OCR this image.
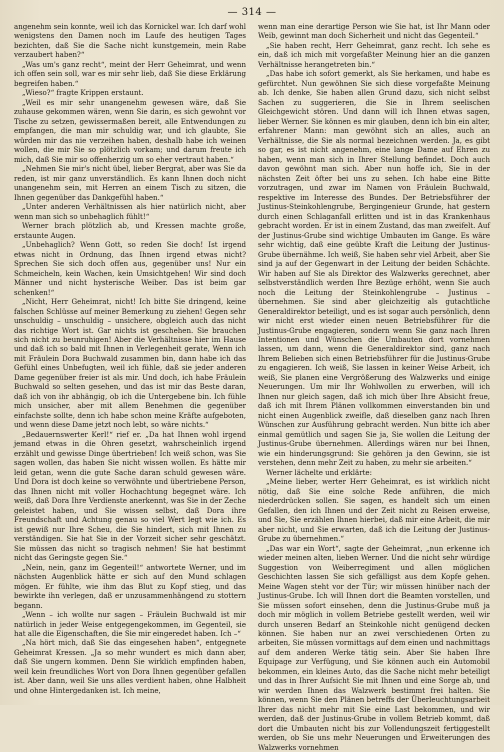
— 314 —

angenehm sein konnte, weil ich das Kornickel war. Ich darf wohl wenigstens den Damen noch im Laufe des heutigen Tages bezichten, daß Sie die Sache nicht kunstgemein, mein Rabe verzaubert haben?“

„Was um's ganz recht“, meint der Herr Geheimrat, und wenn ich offen sein soll, war es mir sehr lieb, daß Sie diese Erklärung begreifen haben.“

„Wieso?“ fragte Krippen erstaunt.

„Weil es mir sehr unangenehm gewesen wäre, daß Sie zuhause gekommen wären, wenn Sie darin, es sich gewohnt vor Tische zu setzen, gewissermaßen bereit, alle Entwendungen zu empfangen, die man mir schuldig war, und ich glaubte, Sie würden mir das nie verzeihen haben, deshalb habe ich weinen wollen, die mir Sie so plötzlich vorkam; und darum freute ich mich, daß Sie mir so offenherzig um so eher vertraut haben.“

„Nehmen Sie mir's nicht übel, lieber Bergrat, aber was Sie da reden, ist mir ganz unverständlich. Es kann Ihnen doch nicht unangenehm sein, mit Herren an einem Tisch zu sitzen, die Ihnen gegenüber das Dankgefühl haben.“

„Unter anderen Verhältnissen als hier natürlich nicht, aber wenn man sich so unbehaglich fühlt!“

Werner brach plötzlich ab, und Kressen machte große, erstaunte Augen.

„Unbehaglich? Wenn Gott, so reden Sie doch! Ist irgend etwas nicht in Ordnung, das Ihnen irgend etwas nicht? Sprechen Sie sich doch offen aus, gegenüber uns! Nur ein Schmeicheln, kein Wachen, kein Umsichtgehen! Wir sind doch Männer und nicht hysterische Weiber. Das ist beim gar schenken!“

„Nicht, Herr Geheimrat, nicht! Ich bitte Sie dringend, keine falschen Schlüsse auf meiner Bemerkung zu ziehen! Gegen sehr unschuldig – unschuldig – unsichere, obgleich auch das nicht das richtige Wort ist. Gar nichts ist geschehen. Sie brauchen sich nicht zu beunruhigen! Aber die Verhältnisse hier im Hause und daß ich so bald mit Ihnen in Verlegenheit gerate, Wenn ich mit Fräulein Dora Buchwald zusammen bin, dann habe ich das Gefühl eines Unbefugten, weil ich fühle, daß sie jeder anderen Dame gegenüber freier ist als mir. Und doch, ich habe Fräulein Buchwald so selten gesehen, und das ist mir das Beste daran, daß ich von ihr abhängig, ob ich die Untergebene bin. Ich fühle mich unsicher, aber mit allem Benehmen die gegenüber einfachste sollte, denn ich habe schon meine Kräfte aufgeboten, und wenn diese Dame jetzt noch lebt, so wäre nichts.“

„Bedauernswerter Kerl!“ rief er. „Da hat Ihnen wohl irgend jemand etwas in die Ohren gesetzt, wahrscheinlich irgend erzählt und gewisse Dinge übertrieben! Ich weiß schon, was Sie sagen wollen, das haben Sie nicht wissen wollen. Es hätte mir leid getan, wenn die gute Sache daran schuld gewesen wäre. Und Dora ist doch keine so verwöhnte und übertriebene Person, das Ihnen nicht mit voller Hochachtung begegnet wäre. Ich weiß, daß Dora Ihre Verdienste anerkennt, was Sie in der Zeche geleistet haben, und Sie wissen selbst, daß Dora ihre Freundschaft und Achtung genau so viel Wert legt wie ich. Es ist gewiß nur Ihre Scheu, die Sie hindert, sich mit Ihnen zu verständigen. Sie hat Sie in der Vorzeit sicher sehr geschätzt. Sie müssen das nicht so tragisch nehmen! Sie hat bestimmt nicht das Geringste gegen Sie.“

„Nein, nein, ganz im Gegenteil!“ antwortete Werner, und im nächsten Augenblick hätte er sich auf den Mund schlagen mögen. Er fühlte, wie ihm das Blut zu Kopf stieg, und das bewirkte ihn verlegen, daß er unzusammenhängend zu stottern begann.

„Wenn – ich wollte nur sagen – Fräulein Buchwald ist mir natürlich in jeder Weise entgegengekommen, im Gegenteil, sie hat alle die Eigenschaften, die Sie mir eingeredet haben. Ich –“

„Na hört mich, daß Sie das eingesehen haben“, entgegnete Geheimrat Kressen. „Ja so mehr wundert es mich dann aber, daß Sie ungern kommen. Denn Sie wirklich empfinden haben, weil kein freundliches Wort von Dora Ihnen gegenüber gefallen ist. Aber dann, weil Sie uns alles verdient haben, ohne Halbheit und ohne Hintergedanken ist. Ich meine,

wenn man eine derartige Person wie Sie hat, ist Ihr Mann oder Weib, gewinnt man doch Sicherheit und nicht das Gegenteil.“

„Sie haben recht, Herr Geheimrat, ganz recht. Ich sehe es ein, daß ich mich mit vorgefaßter Meinung hier an die ganzen Verhältnisse herangetreten bin.“

„Das habe ich sofort gemerkt, als Sie herkamen, und habe es gefürchtet. Nun gewöhnen Sie sich diese vorgefaßte Meinung ab. Ich denke, Sie haben allen Grund dazu, sich nicht selbst Sachen zu suggerieren, die Sie in Ihrem seelischen Gleichgewicht stören. Und dann will ich Ihnen etwas sagen, lieber Werner. Sie können es mir glauben, denn ich bin ein alter, erfahrener Mann: man gewöhnt sich an alles, auch an Verhältnisse, die Sie als normal bezeichnen werden. Ja, es gibt so gar, es ist nicht angenehm, eine lange Dame auf Ehren zu haben, wenn man sich in Ihrer Stellung befindet. Doch auch davon gewöhnt man sich. Aber nun hoffe ich, Sie in der nächsten Zeit öfter bei uns zu sehen. Ich habe eine Bitte vorzutragen, und zwar im Namen von Fräulein Buchwald, respektive im Interesse des Bundes. Der Betriebsführer der Justinus-Steinkohlengrube, Bergingenieur Grunde, hat gestern durch einen Schlaganfall erlitten und ist in das Krankenhaus gebracht worden. Er ist in einem Zustand, das man zweifelt. Auf der Justinus-Grube sind wichtige Umbauten im Gange. Es wäre sehr wichtig, daß eine geübte Kraft die Leitung der Justinus-Grube übernähme. Ich weiß, Sie haben sehr viel Arbeit, aber Sie sind ja auf der Gegenwart in der Leitung der beiden Schächte. Wir haben auf Sie als Direktor des Walzwerks gerechnet, aber selbstverständlich werden Ihre Bezüge erhöht, wenn Sie auch noch die Leitung der Steinkohlengrube – Justinus – übernehmen. Sie sind aber gleichzeitig als gutachtliche Generaldirektor beteiligt, und es ist sogar auch persönlich, denn wir nicht erst wieder einen neuen Betriebsführer für die Justinus-Grube engagieren, sondern wenn Sie ganz nach Ihren Intentionen und Wünschen die Umbauten dort vornehmen lassen, um dann, wenn die Generaldirektor sind, ganz nach Ihrem Belieben sich einen Betriebsführer für die Justinus-Grube zu engagieren. Ich weiß, Sie lassen in keiner Weise Arbeit, ich weiß, Sie planen eine Vergrößerung des Walzwerks und einige Neuerungen. Um mir Ihr Wohlwollen zu erwerben, will ich Ihnen nur gleich sagen, daß ich mich über Ihre Absicht freue, daß ich mit Ihrem Plänen vollkommen einverstanden bin und nicht einen Augenblick zweifle, daß dieselben ganz nach Ihren Wünschen zur Ausführung gebracht werden. Nun bitte ich aber einmal gemütlich und sagen Sie ja, Sie wollen die Leitung der Justinus-Grube übernehmen. Allerdings wären nur bei Ihnen, wie ein hinderungsgrund: Sie gehören ja den Gewinn, sie ist verstehen, denn mehr Zeit zu haben, zu mehr sie arbeiten.“

Werner lächelte und erklärte:

„Meine lieber, werter Herr Geheimrat, es ist wirklich nicht nötig, daß Sie eine solche Rede anführen, die mich niederdrücken sollen. Sie sagen, es handelt sich um einen Gefallen, den ich Ihnen und der Zeit nicht zu Reisen erweise, und Sie, Sie erzählen Ihnen hierbei, daß mir eine Arbeit, die mir aber nicht, und Sie erwarten, daß ich die Leitung der Justinus-Grube zu übernehmen.“

„Das war ein Wort“, sagte der Geheimrat, „nun erkenne ich wieder meinen alten, lieben Werner. Und die nicht sehr würdige Suggestion von Weiberregiment und allen möglichen Geschichten lassen Sie sich gefälligst aus dem Kopfe gehen. Meine Wagen steht vor der Tür; wir müssen hinüber nach der Justinus-Grube. Ich will Ihnen dort die Beamten vorstellen, und Sie müssen sofort einsehen, denn die Justinus-Grube muß ja doch mir möglich in vollem Betriebe gestellt werden, weil wir durch unseren Bedarf an Steinkohle nicht genügend decken können. Sie haben nur an zwei verschiedenen Orten zu arbeiten, Sie müssen vormittags auf dem einen und nachmittags auf dem anderen Werke tätig sein. Aber Sie haben Ihre Equipage zur Verfügung, und Sie können auch ein Automobil bekommen, ein kleines Auto, das die Sache nicht mehr beteiligt und das in Ihrer Aufsicht Sie mit Ihnen und eine Sorge ab, und wir werden Ihnen das Walzwerk bestimmt frei halten. Sie können, wenn Sie den Plänen betreffs der Überleuchtungsarbeit Ihrer das nicht mehr mit Sie eine Last bekommen, und wir werden, daß der Justinus-Grube in vollem Betrieb kommt, daß dort die Umbauten nicht bis zur Vollendungszeit fertiggestellt werden, ob Sie uns mehr Neuerungen und Erweiterungen des Walzwerks vornehmen
